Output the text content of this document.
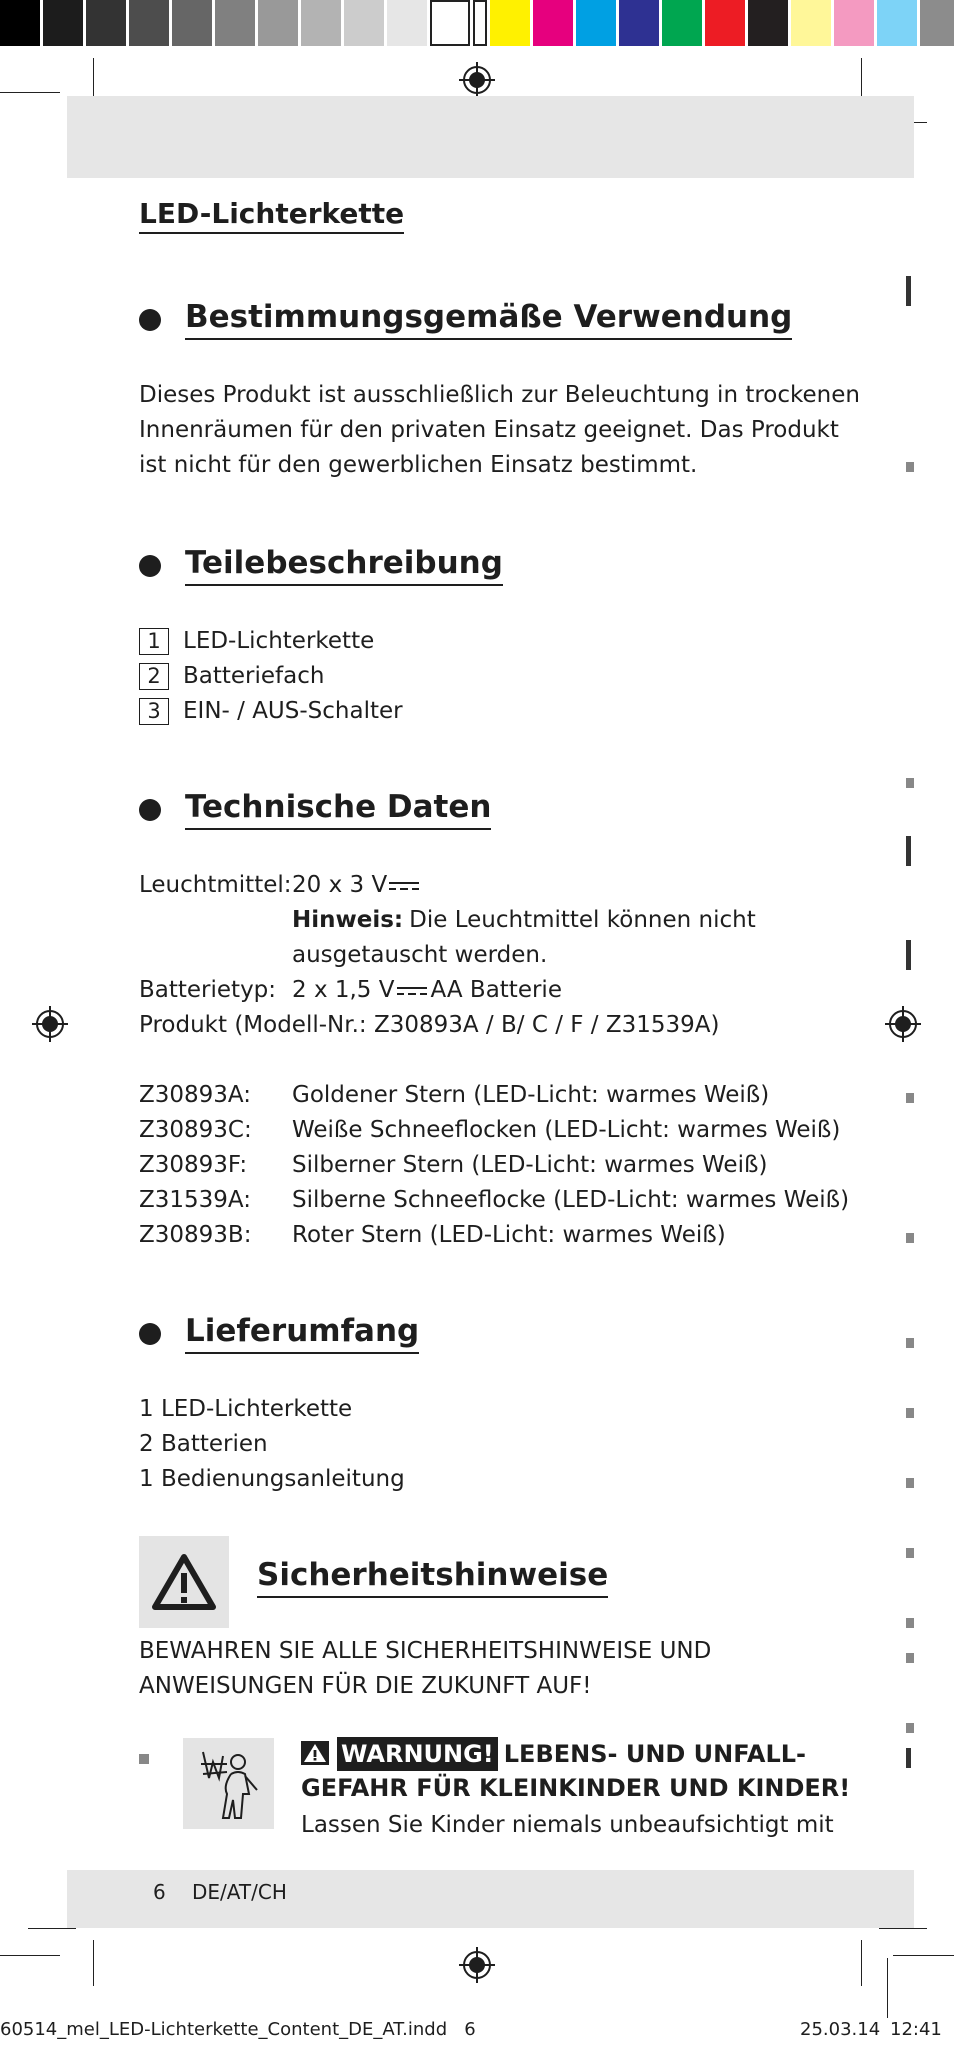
LED-Lichterkette
Bestimmungsgemäße Verwendung
Dieses Produkt ist ausschließlich zur Beleuchtung in trockenen
Innenräumen für den privaten Einsatz geeignet. Das Produkt
ist nicht für den gewerblichen Einsatz bestimmt.
Teilebeschreibung
1 LED-Lichterkette
2 Batteriefach
3 EIN- / AUS-Schalter
Technische Daten
Leuchtmittel: 20 x 3 V
Hinweis: Die Leuchtmittel können nicht
ausgetauscht werden.
Batterietyp: 2 x 1,5 V AA Batterie
Produkt (Modell-Nr.: Z30893A / B/ C / F / Z31539A)
Z30893A:	Goldener Stern (LED-Licht: warmes Weiß)
Z30893C:	Weiße Schneeflocken (LED-Licht: warmes Weiß)
Z30893F:	Silberner Stern (LED-Licht: warmes Weiß)
Z31539A:	Silberne Schneeflocke (LED-Licht: warmes Weiß)
Z30893B:	Roter Stern (LED-Licht: warmes Weiß)
Lieferumfang
1 LED-Lichterkette
2 Batterien
1 Bedienungsanleitung
Sicherheitshinweise
BEWAHREN SIE ALLE SICHERHEITSHINWEISE UND
ANWEISUNGEN FÜR DIE ZUKUNFT AUF!
WARNUNG! LEBENS- UND UNFALL-
GEFAHR FÜR KLEINKINDER UND KINDER!
Lassen Sie Kinder niemals unbeaufsichtigt mit
6 DE/AT/CH
60514_mel_LED-Lichterkette_Content_DE_AT.indd   6	25.03.14 12:41
